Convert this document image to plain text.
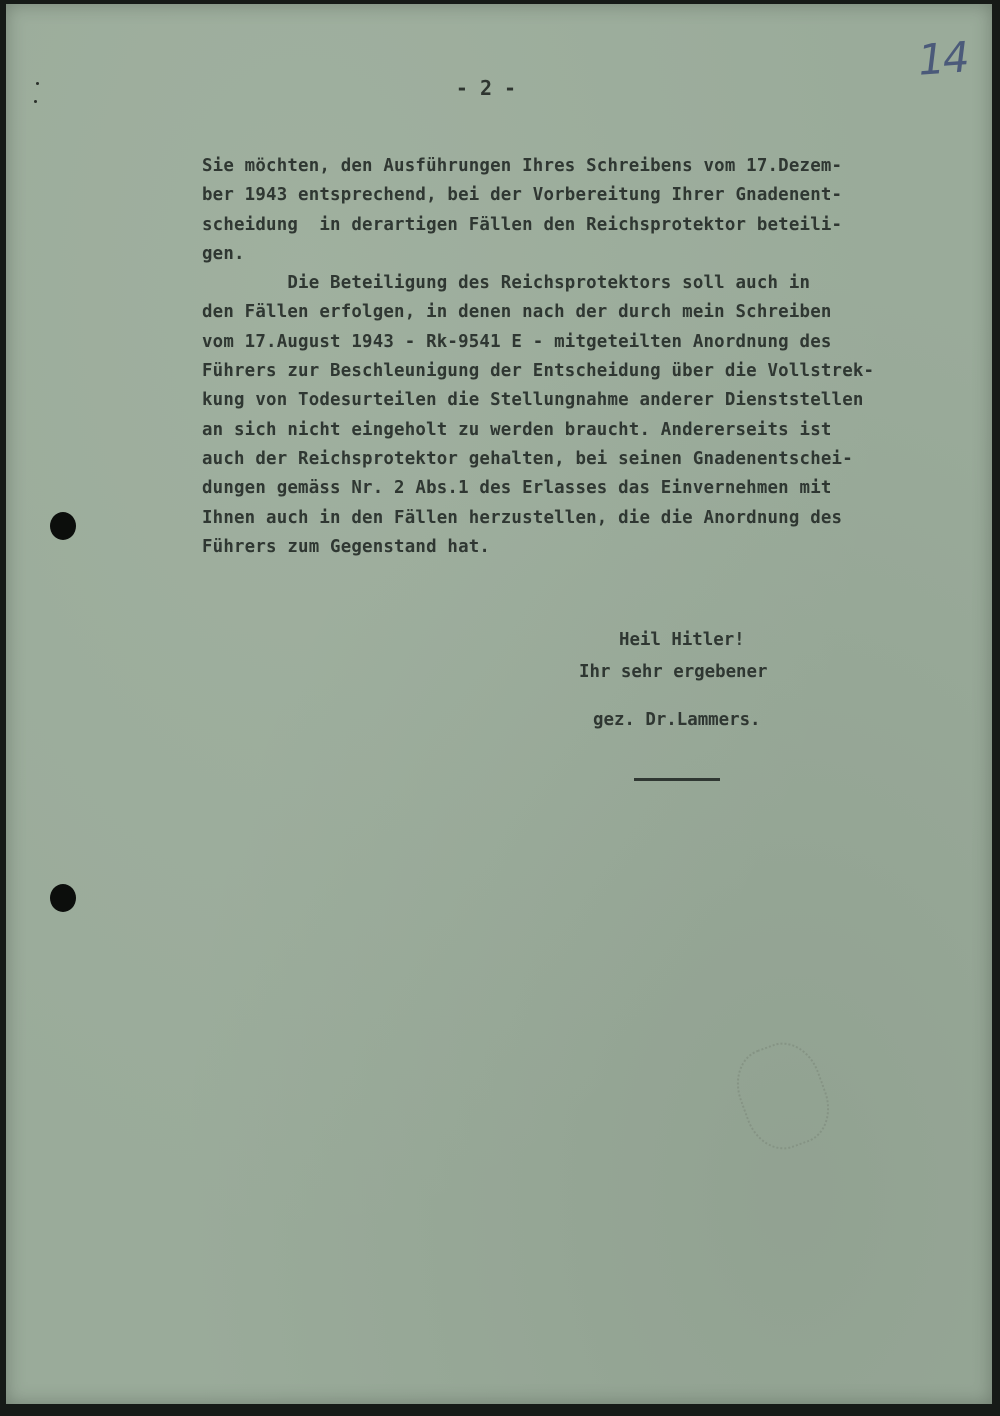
14
- 2 -
Sie möchten, den Ausführungen Ihres Schreibens vom 17.Dezem-
ber 1943 entsprechend, bei der Vorbereitung Ihrer Gnadenent-
scheidung  in derartigen Fällen den Reichsprotektor beteili-
gen.
Die Beteiligung des Reichsprotektors soll auch in
den Fällen erfolgen, in denen nach der durch mein Schreiben
vom 17.August 1943 - Rk-9541 E - mitgeteilten Anordnung des
Führers zur Beschleunigung der Entscheidung über die Vollstrek-
kung von Todesurteilen die Stellungnahme anderer Dienststellen
an sich nicht eingeholt zu werden braucht. Andererseits ist
auch der Reichsprotektor gehalten, bei seinen Gnadenentschei-
dungen gemäss Nr. 2 Abs.1 des Erlasses das Einvernehmen mit
Ihnen auch in den Fällen herzustellen, die die Anordnung des
Führers zum Gegenstand hat.
Heil Hitler!
Ihr sehr ergebener
gez. Dr.Lammers.
